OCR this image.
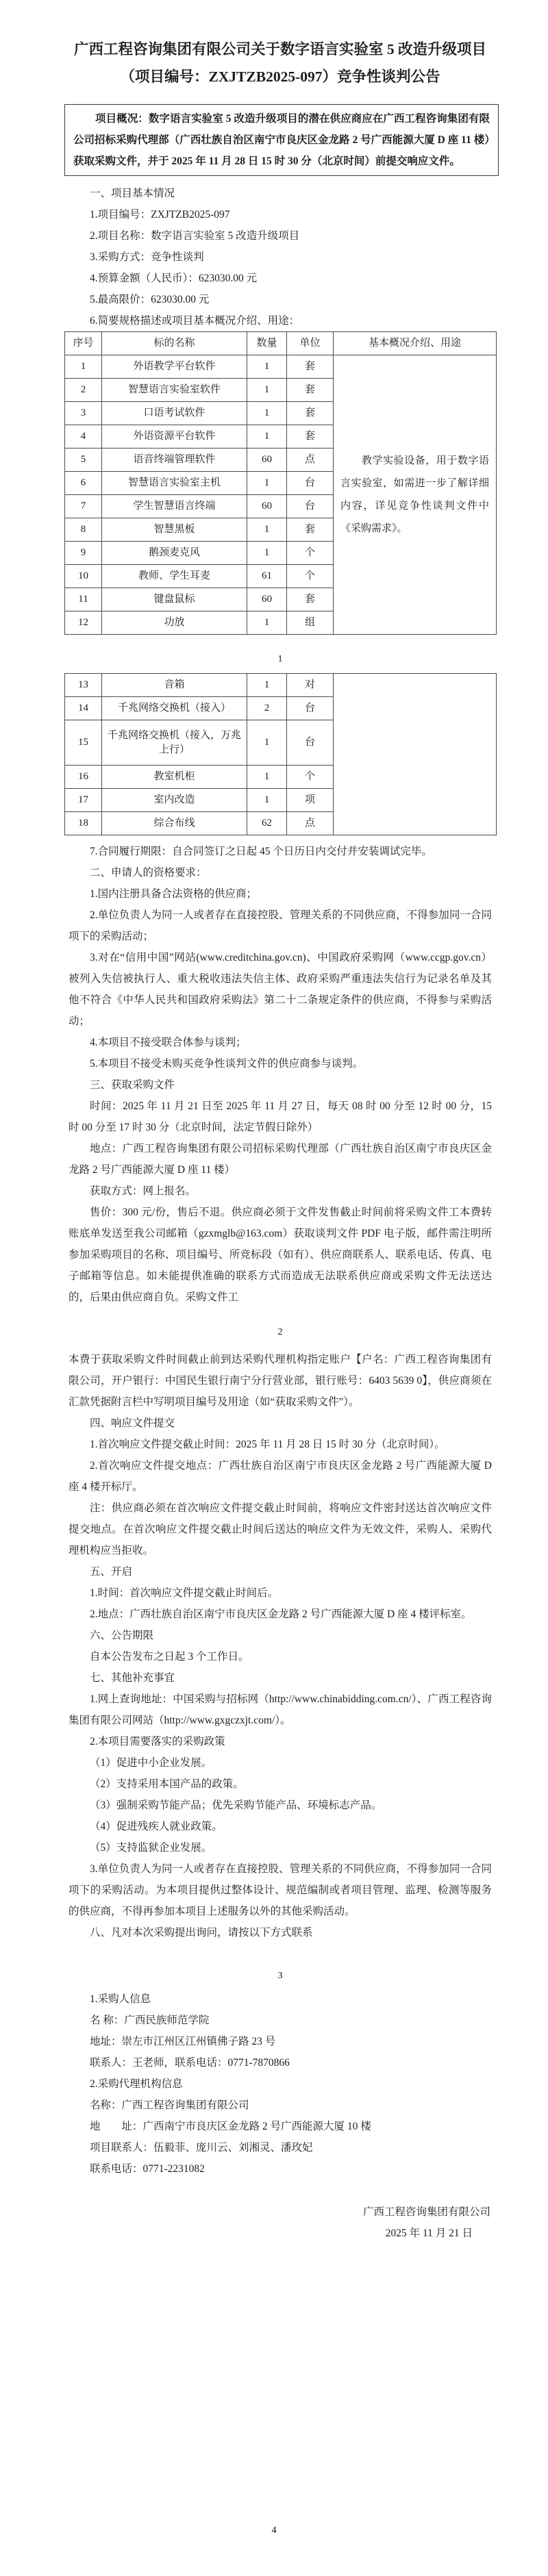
广西工程咨询集团有限公司关于数字语言实验室 5 改造升级项目
（项目编号：ZXJTZB2025-097）竞争性谈判公告

项目概况：数字语言实验室 5 改造升级项目的潜在供应商应在广西工程咨询集团有限公司招标采购代理部（广西壮族自治区南宁市良庆区金龙路 2 号广西能源大厦 D 座 11 楼）获取采购文件，并于 2025 年 11 月 28 日 15 时 30 分（北京时间）前提交响应文件。

一、项目基本情况

1.项目编号：ZXJTZB2025-097

2.项目名称：数字语言实验室 5 改造升级项目

3.采购方式：竞争性谈判

4.预算金额（人民币）：623030.00 元

5.最高限价：623030.00 元

6.简要规格描述或项目基本概况介绍、用途：

序号	标的名称	数量	单位	基本概况介绍、用途
1	外语教学平台软件	1	套	教学实验设备，用于数字语言实验室，如需进一步了解详细内容，详见竞争性谈判文件中《采购需求》。
2	智慧语言实验室软件	1	套	
3	口语考试软件	1	套	
4	外语资源平台软件	1	套	
5	语音终端管理软件	60	点	
6	智慧语言实验室主机	1	台	
7	学生智慧语言终端	60	台	
8	智慧黑板	1	套	
9	鹅颈麦克风	1	个	
10	教师、学生耳麦	61	个	
11	键盘鼠标	60	套	
12	功放	1	组	
1
13	音箱	1	对	
14	千兆网络交换机（接入）	2	台	
15	千兆网络交换机（接入，万兆上行）	1	台	
16	教室机柜	1	个	
17	室内改造	1	项	
18	综合布线	62	点	

7.合同履行期限：自合同签订之日起 45 个日历日内交付并安装调试完毕。

二、申请人的资格要求：

1.国内注册具备合法资格的供应商；

2.单位负责人为同一人或者存在直接控股、管理关系的不同供应商，不得参加同一合同项下的采购活动；

3.对在“信用中国”网站(www.creditchina.gov.cn)、中国政府采购网（www.ccgp.gov.cn）被列入失信被执行人、重大税收违法失信主体、政府采购严重违法失信行为记录名单及其他不符合《中华人民共和国政府采购法》第二十二条规定条件的供应商，不得参与采购活动；

4.本项目不接受联合体参与谈判；

5.本项目不接受未购买竞争性谈判文件的供应商参与谈判。

三、获取采购文件

时间：2025 年 11 月 21 日至 2025 年 11 月 27 日，每天 08 时 00 分至 12 时 00 分，15 时 00 分至 17 时 30 分（北京时间，法定节假日除外）

地点：广西工程咨询集团有限公司招标采购代理部（广西壮族自治区南宁市良庆区金龙路 2 号广西能源大厦 D 座 11 楼）

获取方式：网上报名。

售价：300 元/份，售后不退。供应商必须于文件发售截止时间前将采购文件工本费转账底单发送至我公司邮箱（gzxmglb@163.com）获取谈判文件 PDF 电子版，邮件需注明所参加采购项目的名称、项目编号、所竞标段（如有）、供应商联系人、联系电话、传真、电子邮箱等信息。如未能提供准确的联系方式而造成无法联系供应商或采购文件无法送达的，后果由供应商自负。采购文件工

2

本费于获取采购文件时间截止前到达采购代理机构指定账户【户名：广西工程咨询集团有限公司，开户银行：中国民生银行南宁分行营业部，银行账号：6403 5639 0】，供应商须在汇款凭据附言栏中写明项目编号及用途（如“获取采购文件”）。

四、响应文件提交

1.首次响应文件提交截止时间：2025 年 11 月 28 日 15 时 30 分（北京时间）。

2.首次响应文件提交地点：广西壮族自治区南宁市良庆区金龙路 2 号广西能源大厦 D 座 4 楼开标厅。

注：供应商必须在首次响应文件提交截止时间前，将响应文件密封送达首次响应文件提交地点。在首次响应文件提交截止时间后送达的响应文件为无效文件，采购人、采购代理机构应当拒收。

五、开启

1.时间：首次响应文件提交截止时间后。

2.地点：广西壮族自治区南宁市良庆区金龙路 2 号广西能源大厦 D 座 4 楼评标室。

六、公告期限

自本公告发布之日起 3 个工作日。

七、其他补充事宜

1.网上查询地址：中国采购与招标网（http://www.chinabidding.com.cn/）、广西工程咨询集团有限公司网站（http://www.gxgczxjt.com/）。

2.本项目需要落实的采购政策

（1）促进中小企业发展。

（2）支持采用本国产品的政策。

（3）强制采购节能产品；优先采购节能产品、环境标志产品。

（4）促进残疾人就业政策。

（5）支持监狱企业发展。

3.单位负责人为同一人或者存在直接控股、管理关系的不同供应商，不得参加同一合同项下的采购活动。为本项目提供过整体设计、规范编制或者项目管理、监理、检测等服务的供应商，不得再参加本项目上述服务以外的其他采购活动。

八、凡对本次采购提出询问，请按以下方式联系

3

1.采购人信息

名 称：广西民族师范学院

地址：崇左市江州区江州镇佛子路 23 号

联系人：王老师，联系电话：0771-7870866

2.采购代理机构信息

名称：广西工程咨询集团有限公司

地　　址：广西南宁市良庆区金龙路 2 号广西能源大厦 10 楼

项目联系人：伍毅菲、庞川云、刘湘灵、潘玫妃

联系电话：0771-2231082

广西工程咨询集团有限公司

2025 年 11 月 21 日

4
